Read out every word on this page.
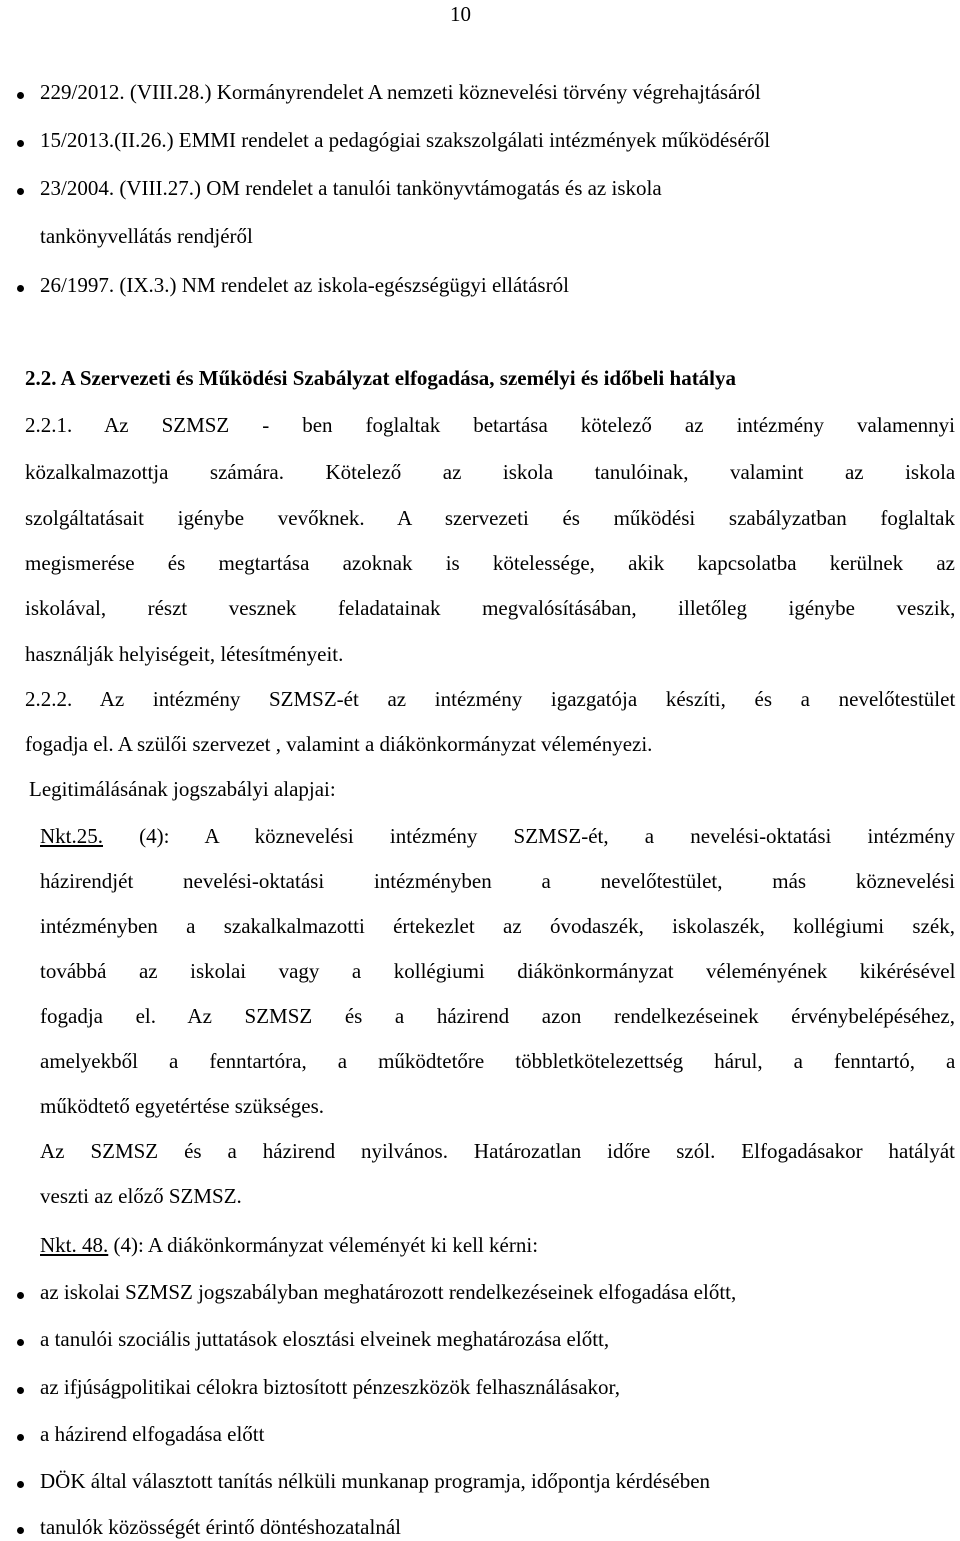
10
229/2012. (VIII.28.) Kormányrendelet A nemzeti köznevelési törvény végrehajtásáról
15/2013.(II.26.) EMMI rendelet a pedagógiai szakszolgálati intézmények működéséről
23/2004. (VIII.27.) OM rendelet a tanulói tankönyvtámogatás és az iskola
tankönyvellátás rendjéről
26/1997. (IX.3.) NM rendelet az iskola-egészségügyi ellátásról
2.2. A Szervezeti és Működési Szabályzat elfogadása, személyi és időbeli hatálya
2.2.1. Az SZMSZ - ben foglaltak betartása kötelező az intézmény valamennyi
közalkalmazottja számára. Kötelező az iskola tanulóinak, valamint az iskola
szolgáltatásait igénybe vevőknek. A szervezeti és működési szabályzatban foglaltak
megismerése és megtartása azoknak is kötelessége, akik kapcsolatba kerülnek az
iskolával, részt vesznek feladatainak megvalósításában, illetőleg igénybe veszik,
használják helyiségeit, létesítményeit.
2.2.2. Az intézmény SZMSZ-ét az intézmény igazgatója készíti, és a nevelőtestület
fogadja el. A szülői szervezet , valamint a diákönkormányzat véleményezi.
Legitimálásának jogszabályi alapjai:
Nkt.25. (4): A köznevelési intézmény SZMSZ-ét, a nevelési-oktatási intézmény
házirendjét nevelési-oktatási intézményben a nevelőtestület, más köznevelési
intézményben a szakalkalmazotti értekezlet az óvodaszék, iskolaszék, kollégiumi szék,
továbbá az iskolai vagy a kollégiumi diákönkormányzat véleményének kikérésével
fogadja el. Az SZMSZ és a házirend azon rendelkezéseinek érvénybelépéséhez,
amelyekből a fenntartóra, a működtetőre többletkötelezettség hárul, a fenntartó, a
működtető egyetértése szükséges.
Az SZMSZ és a házirend nyilvános. Határozatlan időre szól. Elfogadásakor hatályát
veszti az előző SZMSZ.
Nkt. 48. (4): A diákönkormányzat véleményét ki kell kérni:
az iskolai SZMSZ jogszabályban meghatározott rendelkezéseinek elfogadása előtt,
a tanulói szociális juttatások elosztási elveinek meghatározása előtt,
az ifjúságpolitikai célokra biztosított pénzeszközök felhasználásakor,
a házirend elfogadása előtt
DÖK által választott tanítás nélküli munkanap programja, időpontja kérdésében
tanulók közösségét érintő döntéshozatalnál
